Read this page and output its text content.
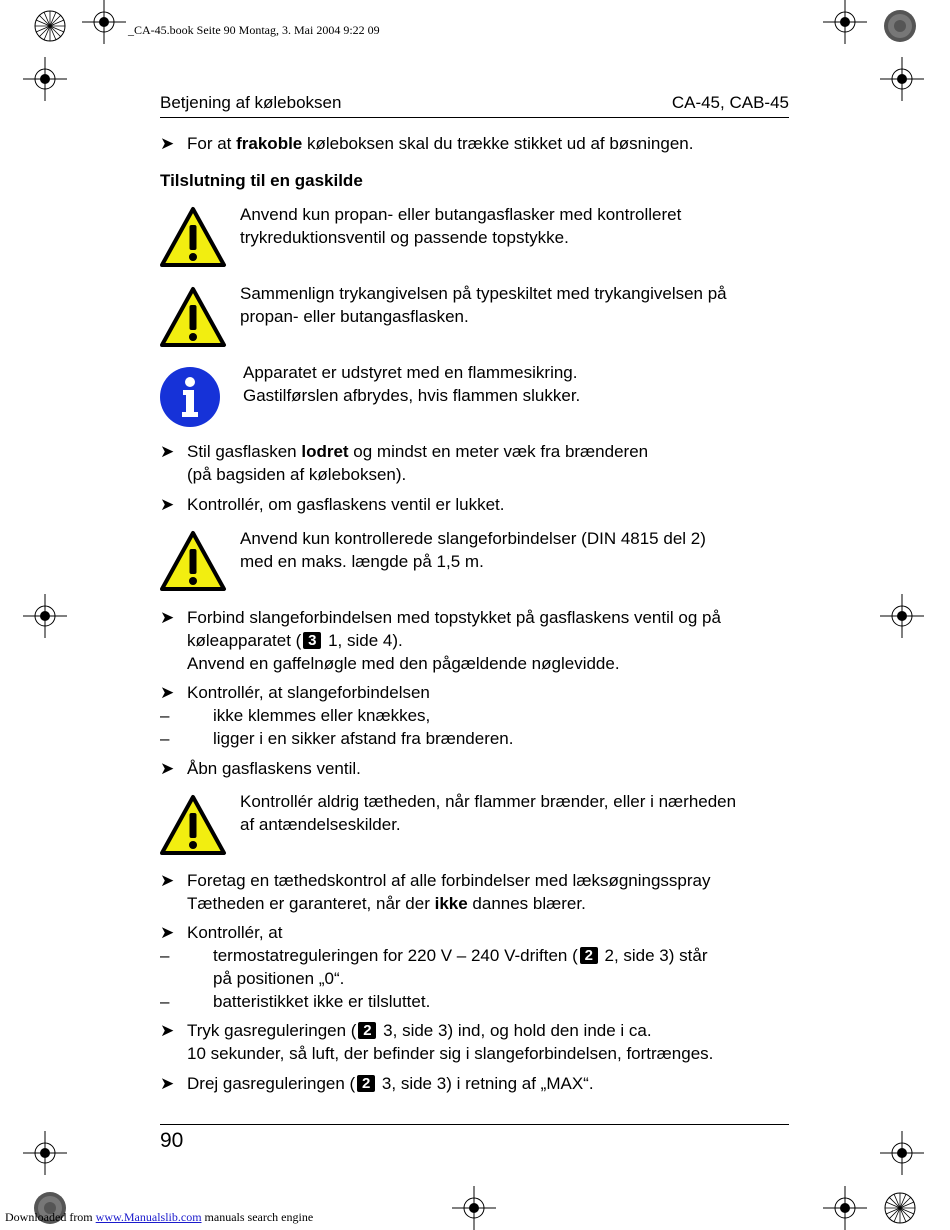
_CA-45.book Seite 90 Montag, 3. Mai 2004 9:22 09
Betjening af køleboksen	CA-45, CAB-45
➤ For at frakoble køleboksen skal du trække stikket ud af bøsningen.
Tilslutning til en gaskilde
Anvend kun propan- eller butangasflasker med kontrolleret
trykreduktionsventil og passende topstykke.
Sammenlign trykangivelsen på typeskiltet med trykangivelsen på
propan- eller butangasflasken.
Apparatet er udstyret med en flammesikring.
Gastilførslen afbrydes, hvis flammen slukker.
➤ Stil gasflasken lodret og mindst en meter væk fra brænderen
(på bagsiden af køleboksen).
➤ Kontrollér, om gasflaskens ventil er lukket.
Anvend kun kontrollerede slangeforbindelser (DIN 4815 del 2)
med en maks. længde på 1,5 m.
➤ Forbind slangeforbindelsen med topstykket på gasflaskens ventil og på
køleapparatet ( 3 1, side 4).
Anvend en gaffelnøgle med den pågældende nøglevidde.
➤ Kontrollér, at slangeforbindelsen
–	ikke klemmes eller knækkes,
–	ligger i en sikker afstand fra brænderen.
➤ Åbn gasflaskens ventil.
Kontrollér aldrig tætheden, når flammer brænder, eller i nærheden
af antændelseskilder.
➤ Foretag en tæthedskontrol af alle forbindelser med læksøgningsspray
Tætheden er garanteret, når der ikke dannes blærer.
➤ Kontrollér, at
–	termostatreguleringen for 220 V – 240 V-driften ( 2 2, side 3) står
på positionen „0“.
–	batteristikket ikke er tilsluttet.
➤ Tryk gasreguleringen ( 2 3, side 3) ind, og hold den inde i ca.
10 sekunder, så luft, der befinder sig i slangeforbindelsen, fortrænges.
➤ Drej gasreguleringen ( 2 3, side 3) i retning af „MAX“.
90
Downloaded from www.Manualslib.com manuals search engine
